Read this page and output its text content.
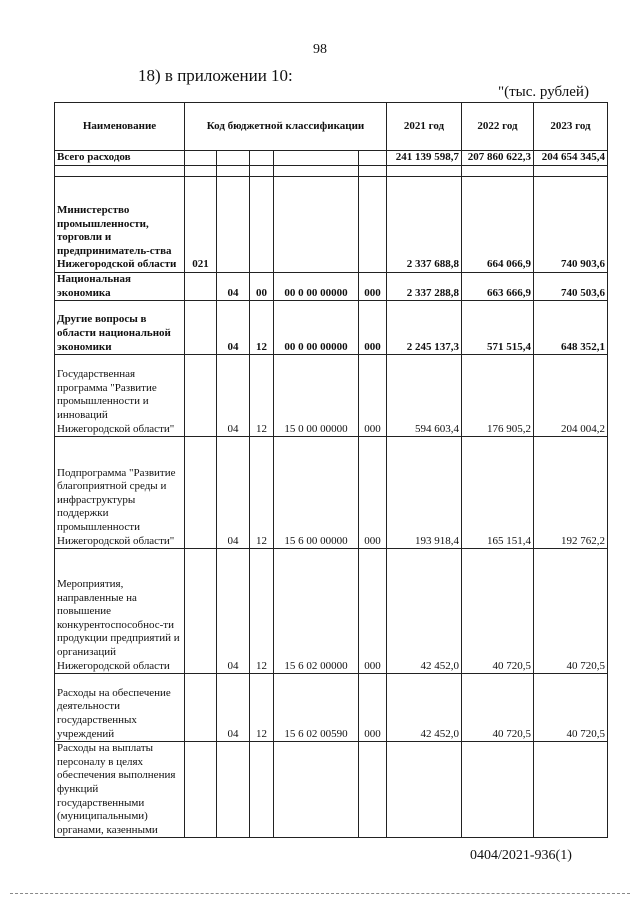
98
18) в приложении 10:
"(тыс. рублей)
Наименование	Код бюджетной классификации					2021 год	2022 год	2023 год
Всего расходов						241 139 598,7	207 860 622,3	204 654 345,4

Министерство промышленности, торговли и предприниматель-ства Нижегородской области	021					2 337 688,8	664 066,9	740 903,6
Национальная экономика		04	00	00 0 00 00000	000	2 337 288,8	663 666,9	740 503,6
Другие вопросы в области национальной экономики		04	12	00 0 00 00000	000	2 245 137,3	571 515,4	648 352,1
Государственная программа "Развитие промышленности и инноваций Нижегородской области"		04	12	15 0 00 00000	000	594 603,4	176 905,2	204 004,2
Подпрограмма "Развитие благоприятной среды и инфраструктуры поддержки промышленности Нижегородской области"		04	12	15 6 00 00000	000	193 918,4	165 151,4	192 762,2
Мероприятия, направленные на повышение конкурентоспособнос-ти продукции предприятий и организаций Нижегородской области		04	12	15 6 02 00000	000	42 452,0	40 720,5	40 720,5
Расходы на обеспечение деятельности государственных учреждений		04	12	15 6 02 00590	000	42 452,0	40 720,5	40 720,5
Расходы на выплаты персоналу в целях обеспечения выполнения функций государственными (муниципальными) органами, казенными								
0404/2021-936(1)
